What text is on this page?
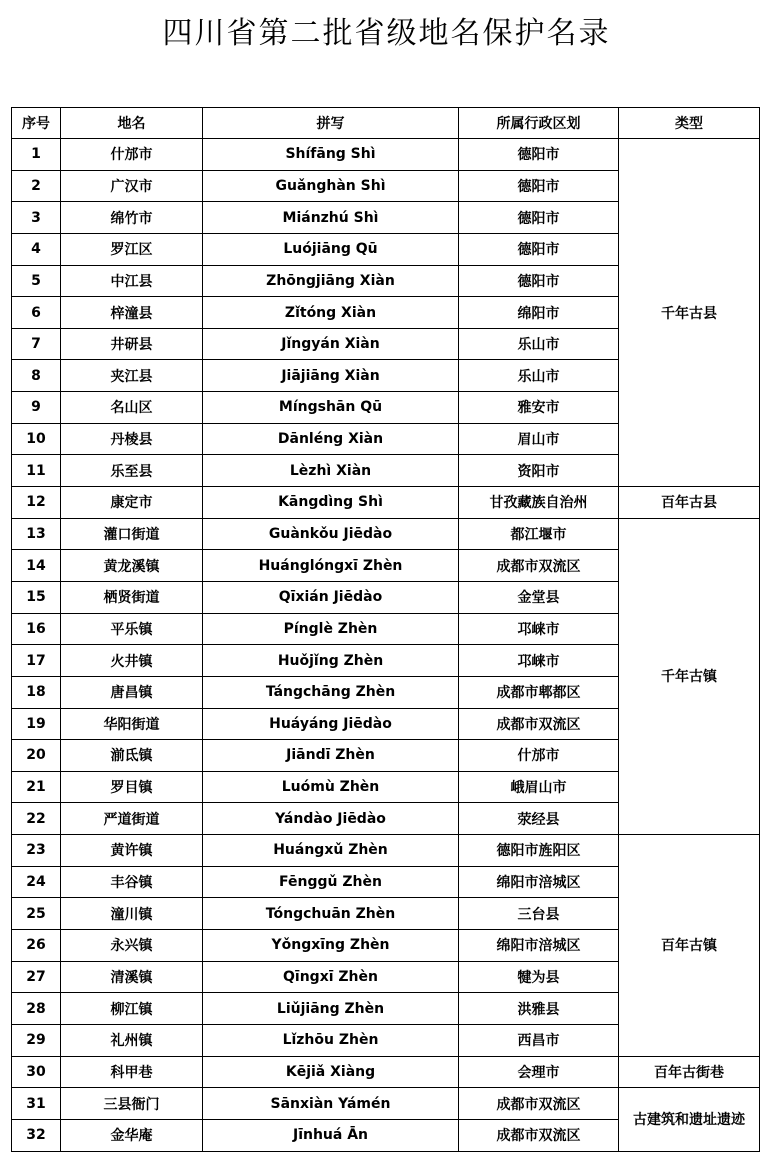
四川省第二批省级地名保护名录
序号	地名	拼写	所属行政区划	类型
1	什邡市	Shífāng Shì	德阳市	千年古县
2	广汉市	Guǎnghàn Shì	德阳市	
3	绵竹市	Miánzhú Shì	德阳市	
4	罗江区	Luójiāng Qū	德阳市	
5	中江县	Zhōngjiāng Xiàn	德阳市	
6	梓潼县	Zǐtóng Xiàn	绵阳市	
7	井研县	Jǐngyán Xiàn	乐山市	
8	夹江县	Jiājiāng Xiàn	乐山市	
9	名山区	Míngshān Qū	雅安市	
10	丹棱县	Dānléng Xiàn	眉山市	
11	乐至县	Lèzhì Xiàn	资阳市	
12	康定市	Kāngdìng Shì	甘孜藏族自治州	百年古县
13	灌口街道	Guànkǒu Jiēdào	都江堰市	千年古镇
14	黄龙溪镇	Huánglóngxī Zhèn	成都市双流区	
15	栖贤街道	Qīxián Jiēdào	金堂县	
16	平乐镇	Pínglè Zhèn	邛崃市	
17	火井镇	Huǒjǐng Zhèn	邛崃市	
18	唐昌镇	Tángchāng Zhèn	成都市郫都区	
19	华阳街道	Huáyáng Jiēdào	成都市双流区	
20	湔氐镇	Jiāndī Zhèn	什邡市	
21	罗目镇	Luómù Zhèn	峨眉山市	
22	严道街道	Yándào Jiēdào	荥经县	
23	黄许镇	Huángxǔ Zhèn	德阳市旌阳区	百年古镇
24	丰谷镇	Fēnggǔ Zhèn	绵阳市涪城区	
25	潼川镇	Tóngchuān Zhèn	三台县	
26	永兴镇	Yǒngxīng Zhèn	绵阳市涪城区	
27	清溪镇	Qīngxī Zhèn	犍为县	
28	柳江镇	Liǔjiāng Zhèn	洪雅县	
29	礼州镇	Lǐzhōu Zhèn	西昌市	
30	科甲巷	Kējiǎ Xiàng	会理市	百年古街巷
31	三县衙门	Sānxiàn Yámén	成都市双流区	古建筑和遗址遗迹
32	金华庵	Jīnhuá Ān	成都市双流区	
